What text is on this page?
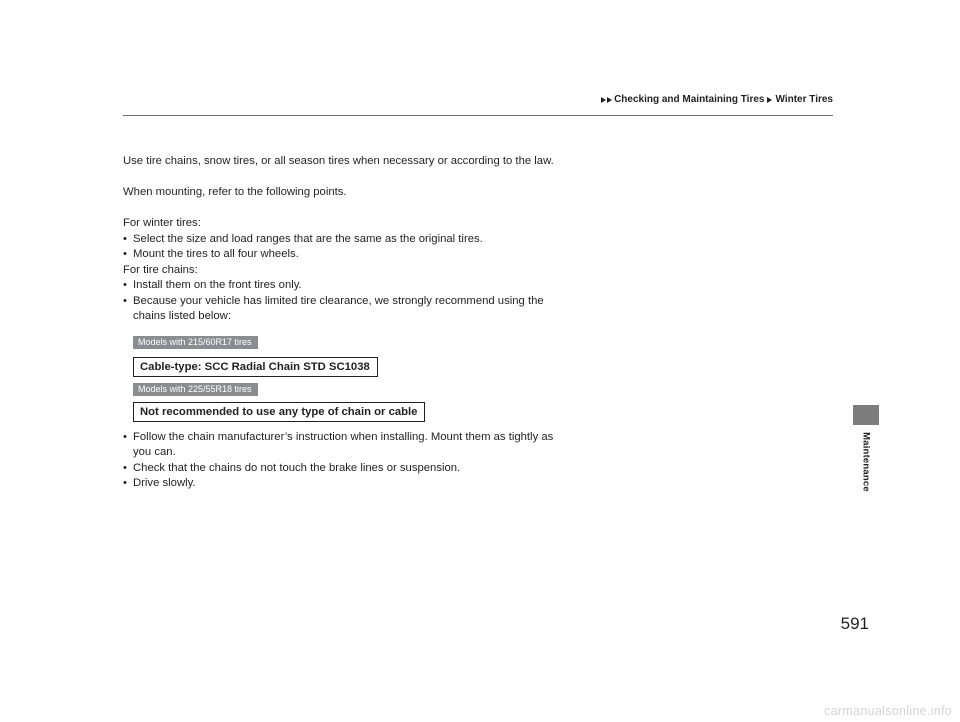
Checking and Maintaining Tires Winter Tires
Maintenance

Use tire chains, snow tires, or all season tires when necessary or according to the law.

When mounting, refer to the following points.

For winter tires:

• Select the size and load ranges that are the same as the original tires.
• Mount the tires to all four wheels.

For tire chains:

• Install them on the front tires only.
• Because your vehicle has limited tire clearance, we strongly recommend using the chains listed below:
Models with 215/60R17 tires
Cable-type: SCC Radial Chain STD SC1038
Models with 225/55R18 tires
Not recommended to use any type of chain or cable
• Follow the chain manufacturer’s instruction when installing. Mount them as tightly as you can.
• Check that the chains do not touch the brake lines or suspension.
• Drive slowly.
591
carmanualsonline.info
